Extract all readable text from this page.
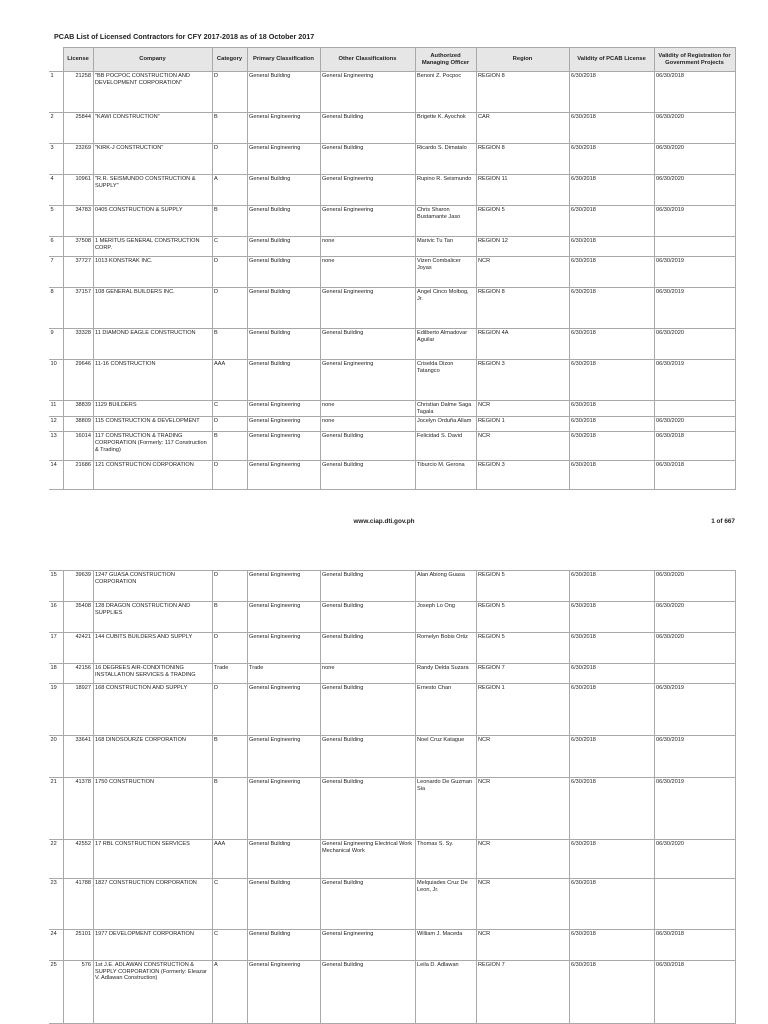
PCAB List of Licensed Contractors for CFY 2017-2018 as of 18 October 2017
	License	Company	Category	Primary Classification	Other Classifications	Authorized Managing Officer	Region	Validity of PCAB License	Validity of Registration for Government Projects
1	21258	"BB POCPOC CONSTRUCTION AND DEVELOPMENT CORPORATION"	D	General Building	General Engineering	Benoni Z. Pocpoc	REGION 8	6/30/2018	06/30/2018
2	25844	"KAWI CONSTRUCTION"	B	General Engineering	General Building	Brigette K. Ayochok	CAR	6/30/2018	06/30/2020
3	23269	"KIRK-J CONSTRUCTION"	D	General Engineering	General Building	Ricardo S. Dimatalo	REGION 8	6/30/2018	06/30/2020
4	10961	"R.R. SEISMUNDO CONSTRUCTION & SUPPLY"	A	General Building	General Engineering	Rupino R. Seismundo	REGION 11	6/30/2018	06/30/2020
5	34783	0405 CONSTRUCTION & SUPPLY	B	General Building	General Engineering	Chris Sharon Bustamante Jaso	REGION 5	6/30/2018	06/30/2019
6	37508	1 MERITUS GENERAL CONSTRUCTION CORP.	C	General Building	none	Marivic Tu Tan	REGION 12	6/30/2018	
7	37727	1013 KONSTRAK INC.	D	General Building	none	Vizen Combalicer Joyas	NCR	6/30/2018	06/30/2019
8	37157	108 GENERAL BUILDERS INC.	D	General Building	General Engineering	Angel Cinco Molbog, Jr.	REGION 8	6/30/2018	06/30/2019
9	33328	11 DIAMOND EAGLE CONSTRUCTION	B	General Building	General Building	Edilberto Almadovar Aguilar	REGION 4A	6/30/2018	06/30/2020
10	29646	11-16 CONSTRUCTION	AAA	General Building	General Engineering	Criselda Dizon Tatangco	REGION 3	6/30/2018	06/30/2019
11	38839	1129 BUILDERS	C	General Engineering	none	Christian Dalme Saga Tagala	NCR	6/30/2018	
12	38809	115 CONSTRUCTION & DEVELOPMENT	D	General Engineering	none	Jocelyn Orduña Allam	REGION 1	6/30/2018	06/30/2020
13	16014	117 CONSTRUCTION & TRADING CORPORATION (Formerly: 117 Construction & Trading)	B	General Engineering	General Building	Felicidad S. David	NCR	6/30/2018	06/30/2018
14	21686	121 CONSTRUCTION CORPORATION	D	General Engineering	General Building	Tiburcio M. Gerona	REGION 3	6/30/2018	06/30/2018
www.ciap.dti.gov.ph	1 of 667
15	39639	1247 GUASA CONSTRUCTION CORPORATION	D	General Engineering	General Building	Alan Abiong Guasa	REGION 5	6/30/2018	06/30/2020
16	35408	128 DRAGON CONSTRUCTION AND SUPPLIES	B	General Engineering	General Building	Joseph Lo Ong	REGION 5	6/30/2018	06/30/2020
17	42421	144 CUBITS BUILDERS AND SUPPLY	D	General Engineering	General Building	Romelyn Bobis Ortiz	REGION 5	6/30/2018	06/30/2020
18	42156	16 DEGREES AIR-CONDITIONING INSTALLATION SERVICES & TRADING	Trade	Trade	none	Randy Delda Suzara	REGION 7	6/30/2018	
19	18927	168 CONSTRUCTION AND SUPPLY	D	General Engineering	General Building	Ernesto Chan	REGION 1	6/30/2018	06/30/2019
20	33641	168 DINOSOURZE CORPORATION	B	General Engineering	General Building	Noel Cruz Katague	NCR	6/30/2018	06/30/2019
21	41378	1750 CONSTRUCTION	B	General Engineering	General Building	Leonardo De Guzman Sia	NCR	6/30/2018	06/30/2019
22	42552	17 RBL CONSTRUCTION SERVICES	AAA	General Building	General Engineering Electrical Work Mechanical Work	Thomas S. Sy.	NCR	6/30/2018	06/30/2020
23	41788	1827 CONSTRUCTION CORPORATION	C	General Building	General Building	Melquiades Cruz De Leon, Jr.	NCR	6/30/2018	
24	25101	1977 DEVELOPMENT CORPORATION	C	General Building	General Engineering	William J. Maceda	NCR	6/30/2018	06/30/2018
25	576	1st J.E. ADLAWAN CONSTRUCTION & SUPPLY CORPORATION (Formerly: Eleazar V. Adlawan Construction)	A	General Engineering	General Building	Leila D. Adlawan	REGION 7	6/30/2018	06/30/2018
